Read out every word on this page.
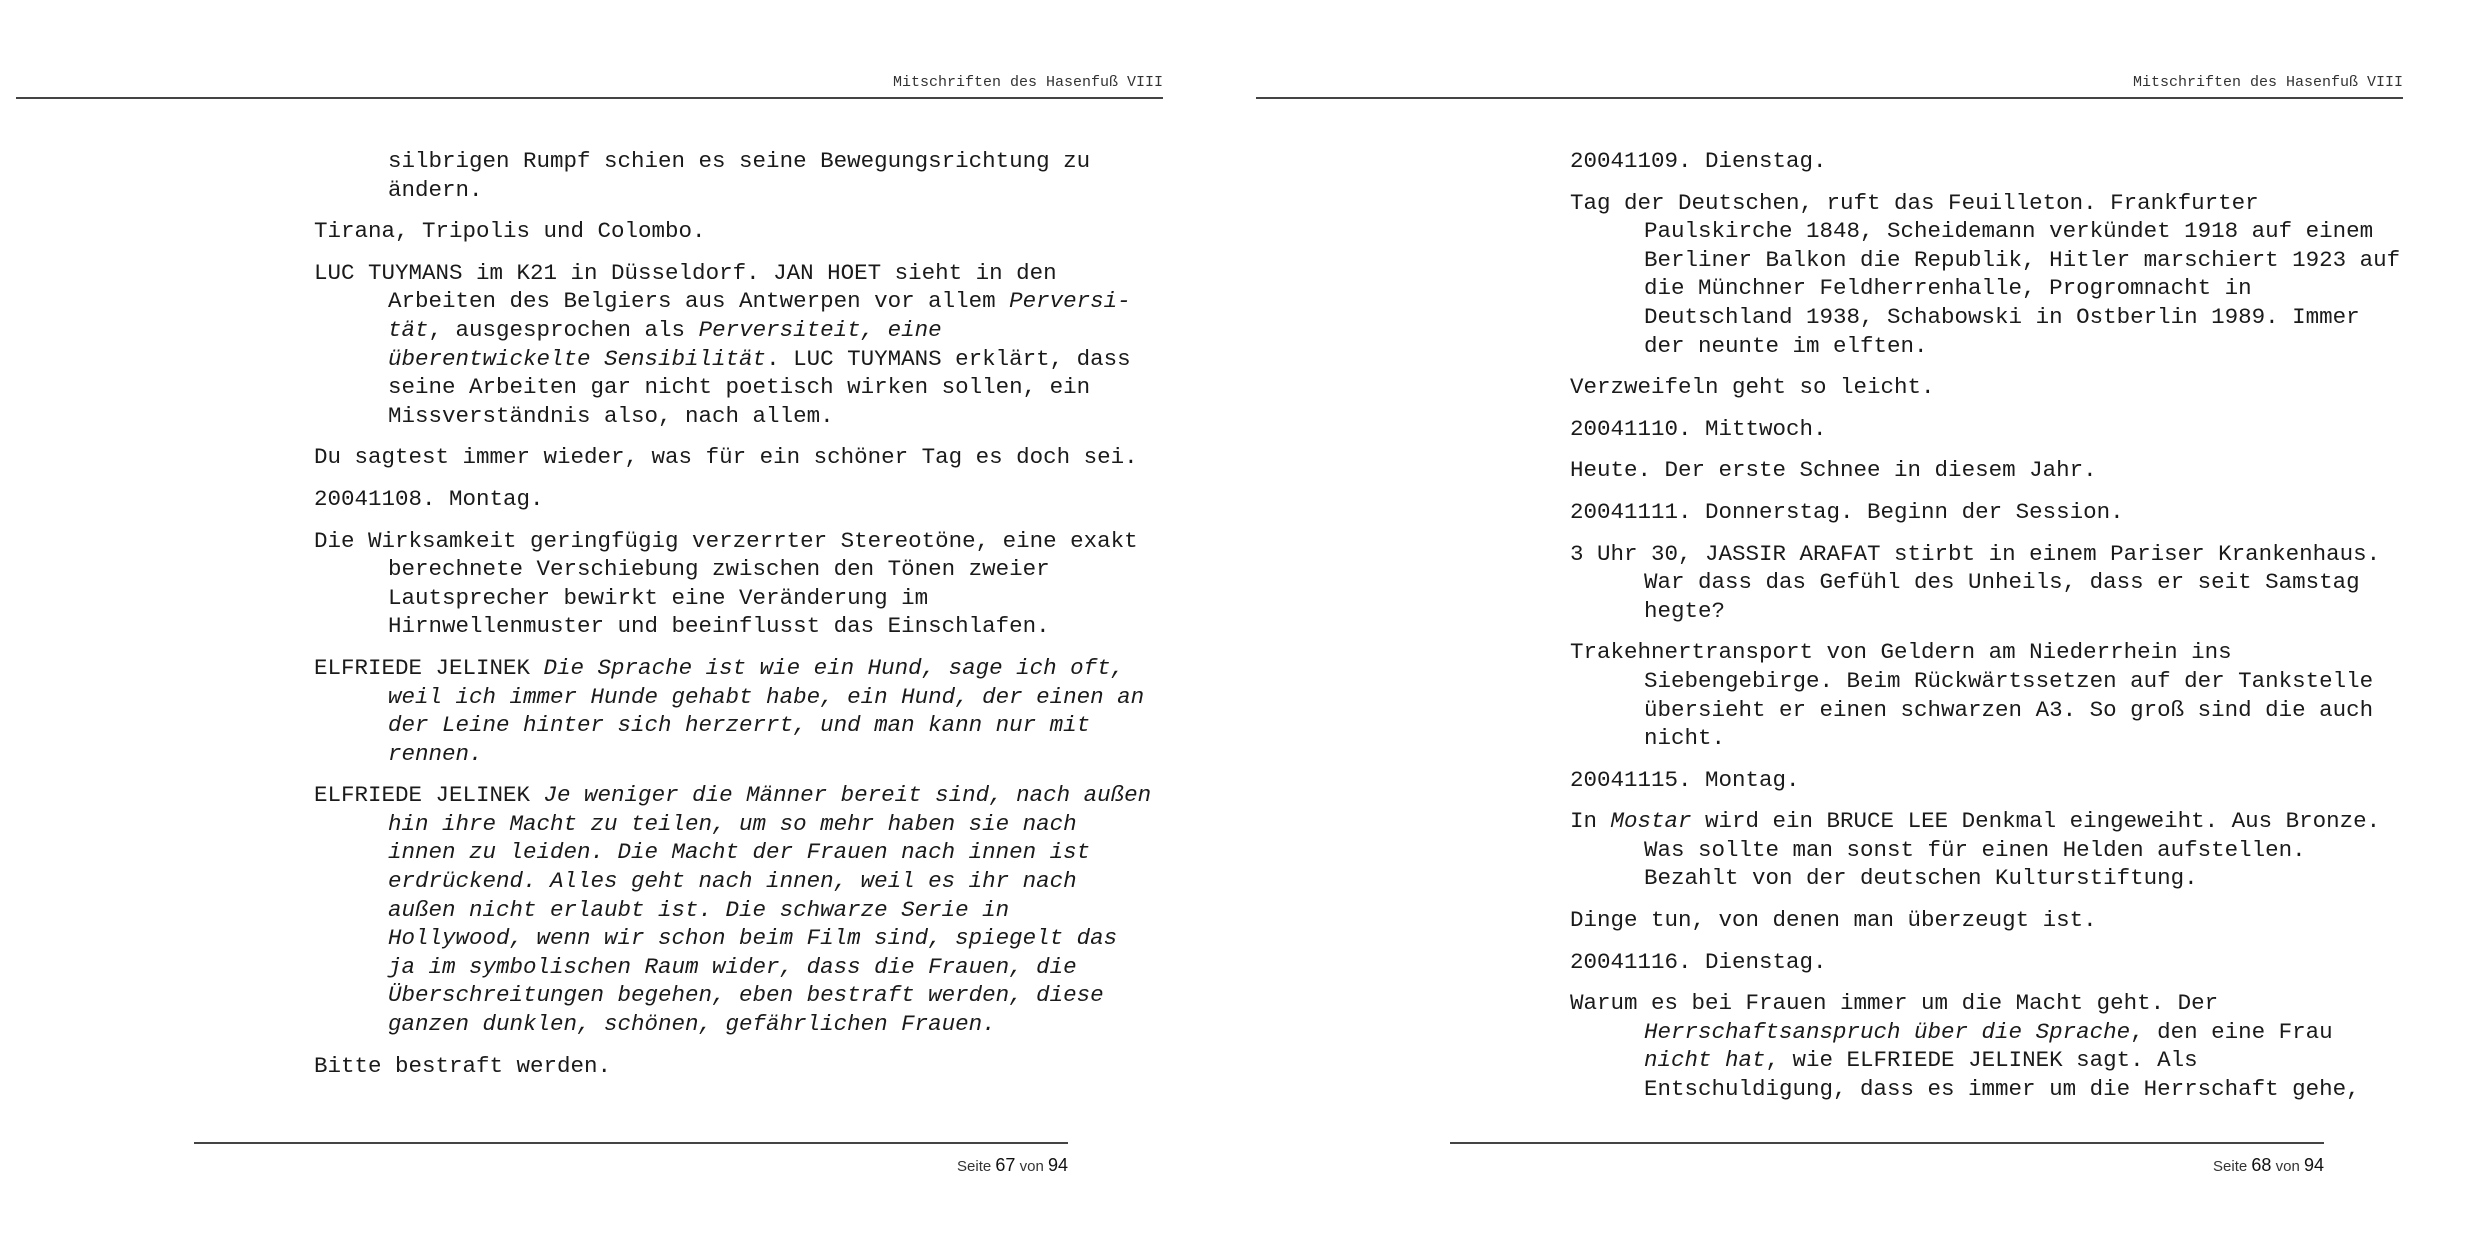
Mitschriften des Hasenfuß VIII

silbrigen Rumpf schien es seine Bewegungsrichtung zu ändern.

Tirana, Tripolis und Colombo.

LUC TUYMANS im K21 in Düsseldorf. JAN HOET sieht in den Arbeiten des Belgiers aus Antwerpen vor allem Perversi-tät, ausgesprochen als Perversiteit, eine überentwickelte Sensibilität. LUC TUYMANS erklärt, dass seine Arbeiten gar nicht poetisch wirken sollen, ein Missverständnis also, nach allem.

Du sagtest immer wieder, was für ein schöner Tag es doch sei.

20041108. Montag.

Die Wirksamkeit geringfügig verzerrter Stereotöne, eine exakt berechnete Verschiebung zwischen den Tönen zweier Lautsprecher bewirkt eine Veränderung im Hirnwellenmuster und beeinflusst das Einschlafen.

ELFRIEDE JELINEK Die Sprache ist wie ein Hund, sage ich oft, weil ich immer Hunde gehabt habe, ein Hund, der einen an der Leine hinter sich herzerrt, und man kann nur mit rennen.

ELFRIEDE JELINEK Je weniger die Männer bereit sind, nach außen hin ihre Macht zu teilen, um so mehr haben sie nach innen zu leiden. Die Macht der Frauen nach innen ist erdrückend. Alles geht nach innen, weil es ihr nach außen nicht erlaubt ist. Die schwarze Serie in Hollywood, wenn wir schon beim Film sind, spiegelt das ja im symbolischen Raum wider, dass die Frauen, die Überschreitungen begehen, eben bestraft werden, diese ganzen dunklen, schönen, gefährlichen Frauen.

Bitte bestraft werden.

Seite 67 von 94
Mitschriften des Hasenfuß VIII

20041109. Dienstag.

Tag der Deutschen, ruft das Feuilleton. Frankfurter Paulskirche 1848, Scheidemann verkündet 1918 auf einem Berliner Balkon die Republik, Hitler marschiert 1923 auf die Münchner Feldherrenhalle, Progromnacht in Deutschland 1938, Schabowski in Ostberlin 1989. Immer der neunte im elften.

Verzweifeln geht so leicht.

20041110. Mittwoch.

Heute. Der erste Schnee in diesem Jahr.

20041111. Donnerstag. Beginn der Session.

3 Uhr 30, JASSIR ARAFAT stirbt in einem Pariser Krankenhaus. War dass das Gefühl des Unheils, dass er seit Samstag hegte?

Trakehnertransport von Geldern am Niederrhein ins Siebengebirge. Beim Rückwärtssetzen auf der Tankstelle übersieht er einen schwarzen A3. So groß sind die auch nicht.

20041115. Montag.

In Mostar wird ein BRUCE LEE Denkmal eingeweiht. Aus Bronze. Was sollte man sonst für einen Helden aufstellen. Bezahlt von der deutschen Kulturstiftung.

Dinge tun, von denen man überzeugt ist.

20041116. Dienstag.

Warum es bei Frauen immer um die Macht geht. Der Herrschaftsanspruch über die Sprache, den eine Frau nicht hat, wie ELFRIEDE JELINEK sagt. Als Entschuldigung, dass es immer um die Herrschaft gehe,

Seite 68 von 94
